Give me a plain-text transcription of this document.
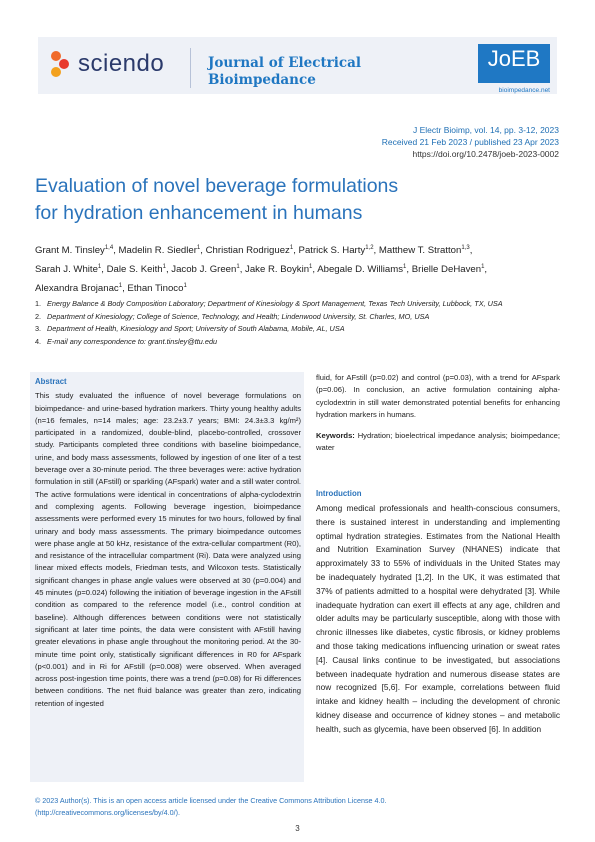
sciendo	Journal of Electrical
Bioimpedance
JoEB
bioimpedance.net
J Electr Bioimp, vol. 14, pp. 3-12, 2023
Received 21 Feb 2023 / published 23 Apr 2023
https://doi.org/10.2478/joeb-2023-0002
Evaluation of novel beverage formulations
for hydration enhancement in humans
Grant M. Tinsley$^{1,4}$, Madelin R. Siedler$^1$, Christian Rodriguez$^1$, Patrick S. Harty$^{1,2}$, Matthew T. Stratton$^{1,3}$,
Sarah J. White$^1$, Dale S. Keith$^1$, Jacob J. Green$^1$, Jake R. Boykin$^1$, Abegale D. Williams$^1$, Brielle DeHaven$^1$,
Alexandra Brojanac$^1$, Ethan Tinoco$^1$
1. Energy Balance & Body Composition Laboratory; Department of Kinesiology & Sport Management, Texas Tech University, Lubbock, TX, USA
2. Department of Kinesiology; College of Science, Technology, and Health; Lindenwood University, St. Charles, MO, USA
3. Department of Health, Kinesiology and Sport; University of South Alabama, Mobile, AL, USA
4. E-mail any correspondence to: grant.tinsley@ttu.edu
Abstract

This study evaluated the influence of novel beverage formulations on bioimpedance- and urine-based hydration markers. Thirty young healthy adults (n=16 females, n=14 males; age: 23.2±3.7 years; BMI: 24.3±3.3 kg/m²) participated in a randomized, double-blind, placebo-controlled, crossover study. Participants completed three conditions with baseline bioimpedance, urine, and body mass assessments, followed by ingestion of one liter of a test beverage over a 30-minute period. The three beverages were: active hydration formulation in still (AFstill) or sparkling (AFspark) water and a still water control. The active formulations were identical in concentrations of alpha-cyclodextrin and complexing agents. Following beverage ingestion, bioimpedance assessments were performed every 15 minutes for two hours, followed by final urinary and body mass assessments. The primary bioimpedance outcomes were phase angle at 50 kHz, resistance of the extra-cellular compartment (R0), and resistance of the intracellular compartment (Ri). Data were analyzed using linear mixed effects models, Friedman tests, and Wilcoxon tests. Statistically significant changes in phase angle values were observed at 30 (p=0.004) and 45 minutes (p=0.024) following the initiation of beverage ingestion in the AFstill condition as compared to the reference model (i.e., control condition at baseline). Although differences between conditions were not statistically significant at later time points, the data were consistent with AFstill having greater elevations in phase angle throughout the monitoring period. At the 30-minute time point only, statistically significant differences in R0 for AFspark (p<0.001) and in Ri for AFstill (p=0.008) were observed. When averaged across post-ingestion time points, there was a trend (p=0.08) for Ri differences between conditions. The net fluid balance was greater than zero, indicating retention of ingested

fluid, for AFstill (p=0.02) and control (p=0.03), with a trend for AFspark (p=0.06). In conclusion, an active formulation containing alpha-cyclodextrin in still water demonstrated potential benefits for enhancing hydration markers in humans.

Keywords: Hydration; bioelectrical impedance analysis; bioimpedance; water

Introduction
Among medical professionals and health-conscious consumers, there is sustained interest in understanding and implementing optimal hydration strategies. Estimates from the National Health and Nutrition Examination Survey (NHANES) indicate that approximately 33 to 55% of individuals in the United States may be inadequately hydrated [1,2]. In the UK, it was estimated that 37% of patients admitted to a hospital were dehydrated [3]. While inadequate hydration can exert ill effects at any age, children and older adults may be particularly susceptible, along with those with chronic illnesses like diabetes, cystic fibrosis, or kidney problems and those taking medications influencing urination or sweat rates [4]. Causal links continue to be investigated, but associations between inadequate hydration and numerous disease states are now recognized [5,6]. For example, correlations between fluid intake and kidney health – including the development of chronic kidney disease and occurrence of kidney stones – and metabolic health, such as glycemia, have been observed [6]. In addition
© 2023 Author(s). This is an open access article licensed under the Creative Commons Attribution License 4.0.
(http://creativecommons.org/licenses/by/4.0/).
3
